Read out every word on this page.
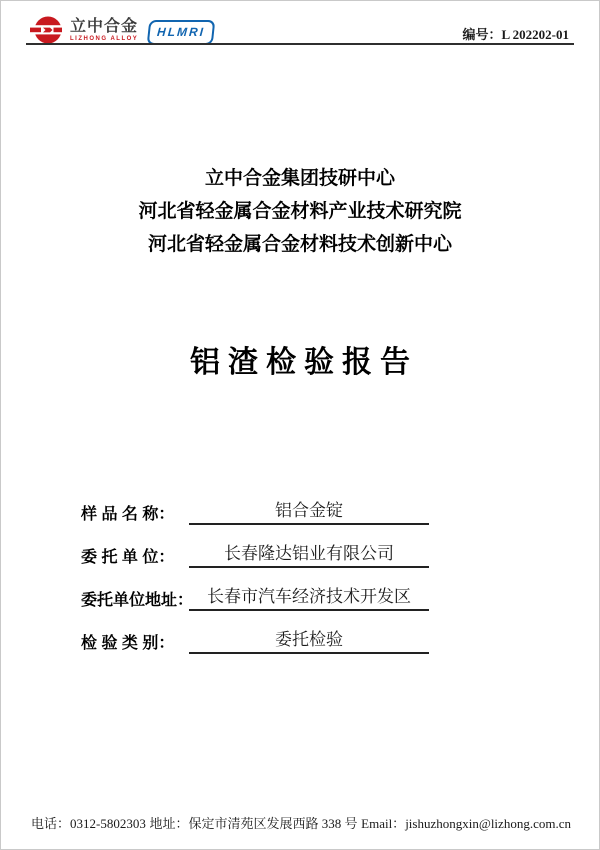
立中合金
LIZHONG ALLOY
HLMRI	编号：L 202202-01
立中合金集团技研中心
河北省轻金属合金材料产业技术研究院
河北省轻金属合金材料技术创新中心
铝渣检验报告
样 品 名 称：	铝合金锭
委 托 单 位：	长春隆达铝业有限公司
委托单位地址： 长春市汽车经济技术开发区
检 验 类 别：	委托检验
电话：0312-5802303 地址：保定市清苑区发展西路 338 号 Email：jishuzhongxin@lizhong.com.cn
